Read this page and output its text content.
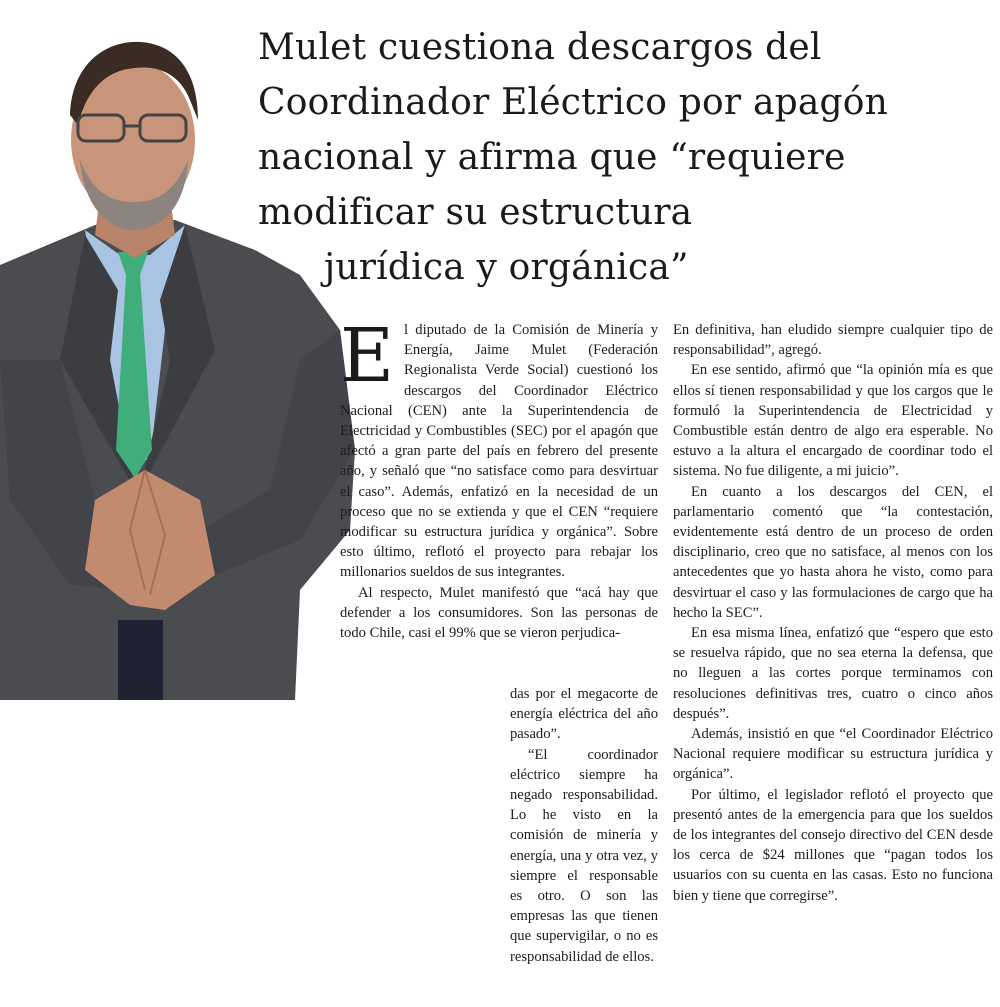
Mulet cuestiona descargos del
Coordinador Eléctrico por apagón
nacional y afirma que “requiere
modificar su estructura
jurídica y orgánica”
E l diputado de la Comisión de Minería y Energía, Jaime Mulet (Federación Regionalista Verde Social) cuestionó los descargos del Coordinador Eléctrico Nacional (CEN) ante la Superintendencia de Electricidad y Combustibles (SEC) por el apagón que afectó a gran parte del país en febrero del presente año, y señaló que “no satisface como para desvirtuar el caso”. Además, enfatizó en la necesidad de un proceso que no se extienda y que el CEN “requiere modificar su estructura jurídica y orgánica”. Sobre esto último, reflotó el proyecto para rebajar los millonarios sueldos de sus integrantes.

Al respecto, Mulet manifestó que “acá hay que defender a los consumidores. Son las personas de todo Chile, casi el 99% que se vieron perjudica-

das por el megacorte de energía eléctrica del año pasado”.

“El coordinador eléctrico siempre ha negado responsabilidad. Lo he visto en la comisión de minería y energía, una y otra vez, y siempre el responsable es otro. O son las empresas las que tienen que supervigilar, o no es responsabilidad de ellos.

En definitiva, han eludido siempre cualquier tipo de responsabilidad”, agregó.

En ese sentido, afirmó que “la opinión mía es que ellos sí tienen responsabilidad y que los cargos que le formuló la Superintendencia de Electricidad y Combustible están dentro de algo era esperable. No estuvo a la altura el encargado de coordinar todo el sistema. No fue diligente, a mi juicio”.

En cuanto a los descargos del CEN, el parlamentario comentó que “la contestación, evidentemente está dentro de un proceso de orden disciplinario, creo que no satisface, al menos con los antecedentes que yo hasta ahora he visto, como para desvirtuar el caso y las formulaciones de cargo que ha hecho la SEC”.

En esa misma línea, enfatizó que “espero que esto se resuelva rápido, que no sea eterna la defensa, que no lleguen a las cortes porque terminamos con resoluciones definitivas tres, cuatro o cinco años después”.

Además, insistió en que “el Coordinador Eléctrico Nacional requiere modificar su estructura jurídica y orgánica”.

Por último, el legislador reflotó el proyecto que presentó antes de la emergencia para que los sueldos de los integrantes del consejo directivo del CEN desde los cerca de $24 millones que “pagan todos los usuarios con su cuenta en las casas. Esto no funciona bien y tiene que corregirse”.
